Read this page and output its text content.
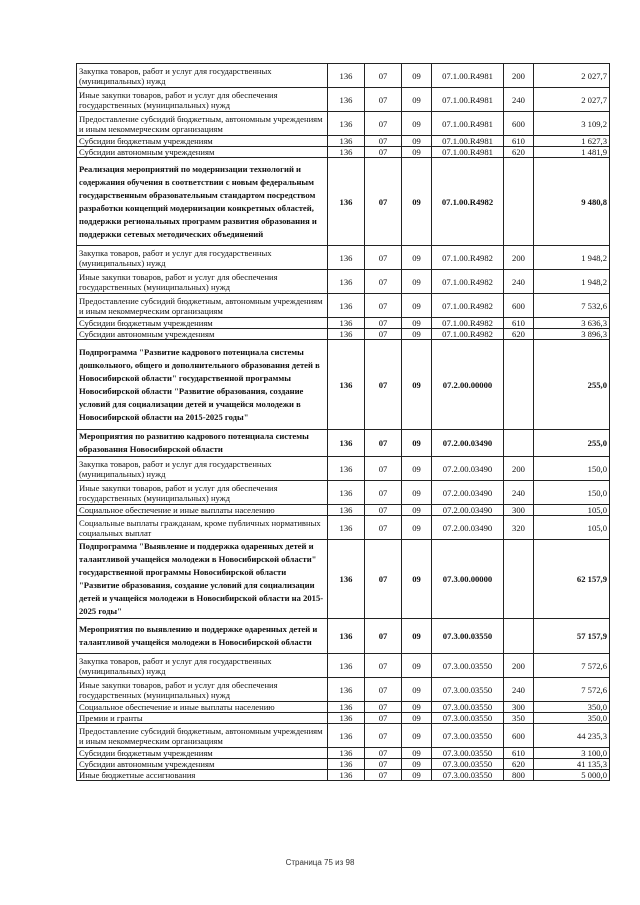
Закупка товаров, работ и услуг для государственных (муниципальных) нужд	136	07	09	07.1.00.R4981	200	2 027,7
Иные закупки товаров, работ и услуг для обеспечения государственных (муниципальных) нужд	136	07	09	07.1.00.R4981	240	2 027,7
Предоставление субсидий бюджетным, автономным учреждениям и иным некоммерческим организациям	136	07	09	07.1.00.R4981	600	3 109,2
Субсидии бюджетным учреждениям	136	07	09	07.1.00.R4981	610	1 627,3
Субсидии автономным учреждениям	136	07	09	07.1.00.R4981	620	1 481,9
Реализация мероприятий по модернизации технологий и содержания обучения в соответствии с новым федеральным государственным образовательным стандартом посредством разработки концепций модернизации конкретных областей, поддержки региональных программ развития образования и поддержки сетевых методических объединений	136	07	09	07.1.00.R4982		9 480,8
Закупка товаров, работ и услуг для государственных (муниципальных) нужд	136	07	09	07.1.00.R4982	200	1 948,2
Иные закупки товаров, работ и услуг для обеспечения государственных (муниципальных) нужд	136	07	09	07.1.00.R4982	240	1 948,2
Предоставление субсидий бюджетным, автономным учреждениям и иным некоммерческим организациям	136	07	09	07.1.00.R4982	600	7 532,6
Субсидии бюджетным учреждениям	136	07	09	07.1.00.R4982	610	3 636,3
Субсидии автономным учреждениям	136	07	09	07.1.00.R4982	620	3 896,3
Подпрограмма "Развитие кадрового потенциала системы дошкольного, общего и дополнительного образования детей в Новосибирской области" государственной программы Новосибирской области "Развитие образования, создание условий для социализации детей и учащейся молодежи в Новосибирской области на 2015-2025 годы"	136	07	09	07.2.00.00000		255,0
Мероприятия по развитию кадрового потенциала системы образования Новосибирской области	136	07	09	07.2.00.03490		255,0
Закупка товаров, работ и услуг для государственных (муниципальных) нужд	136	07	09	07.2.00.03490	200	150,0
Иные закупки товаров, работ и услуг для обеспечения государственных (муниципальных) нужд	136	07	09	07.2.00.03490	240	150,0
Социальное обеспечение и иные выплаты населению	136	07	09	07.2.00.03490	300	105,0
Социальные выплаты гражданам, кроме публичных нормативных социальных выплат	136	07	09	07.2.00.03490	320	105,0
Подпрограмма "Выявление и поддержка одаренных детей и талантливой учащейся молодежи в Новосибирской области" государственной программы Новосибирской области "Развитие образования, создание условий для социализации детей и учащейся молодежи в Новосибирской области на 2015-2025 годы"	136	07	09	07.3.00.00000		62 157,9
Мероприятия по выявлению и поддержке одаренных детей и талантливой учащейся молодежи в Новосибирской области	136	07	09	07.3.00.03550		57 157,9
Закупка товаров, работ и услуг для государственных (муниципальных) нужд	136	07	09	07.3.00.03550	200	7 572,6
Иные закупки товаров, работ и услуг для обеспечения государственных (муниципальных) нужд	136	07	09	07.3.00.03550	240	7 572,6
Социальное обеспечение и иные выплаты населению	136	07	09	07.3.00.03550	300	350,0
Премии и гранты	136	07	09	07.3.00.03550	350	350,0
Предоставление субсидий бюджетным, автономным учреждениям и иным некоммерческим организациям	136	07	09	07.3.00.03550	600	44 235,3
Субсидии бюджетным учреждениям	136	07	09	07.3.00.03550	610	3 100,0
Субсидии автономным учреждениям	136	07	09	07.3.00.03550	620	41 135,3
Иные бюджетные ассигнования	136	07	09	07.3.00.03550	800	5 000,0
Страница 75 из 98
